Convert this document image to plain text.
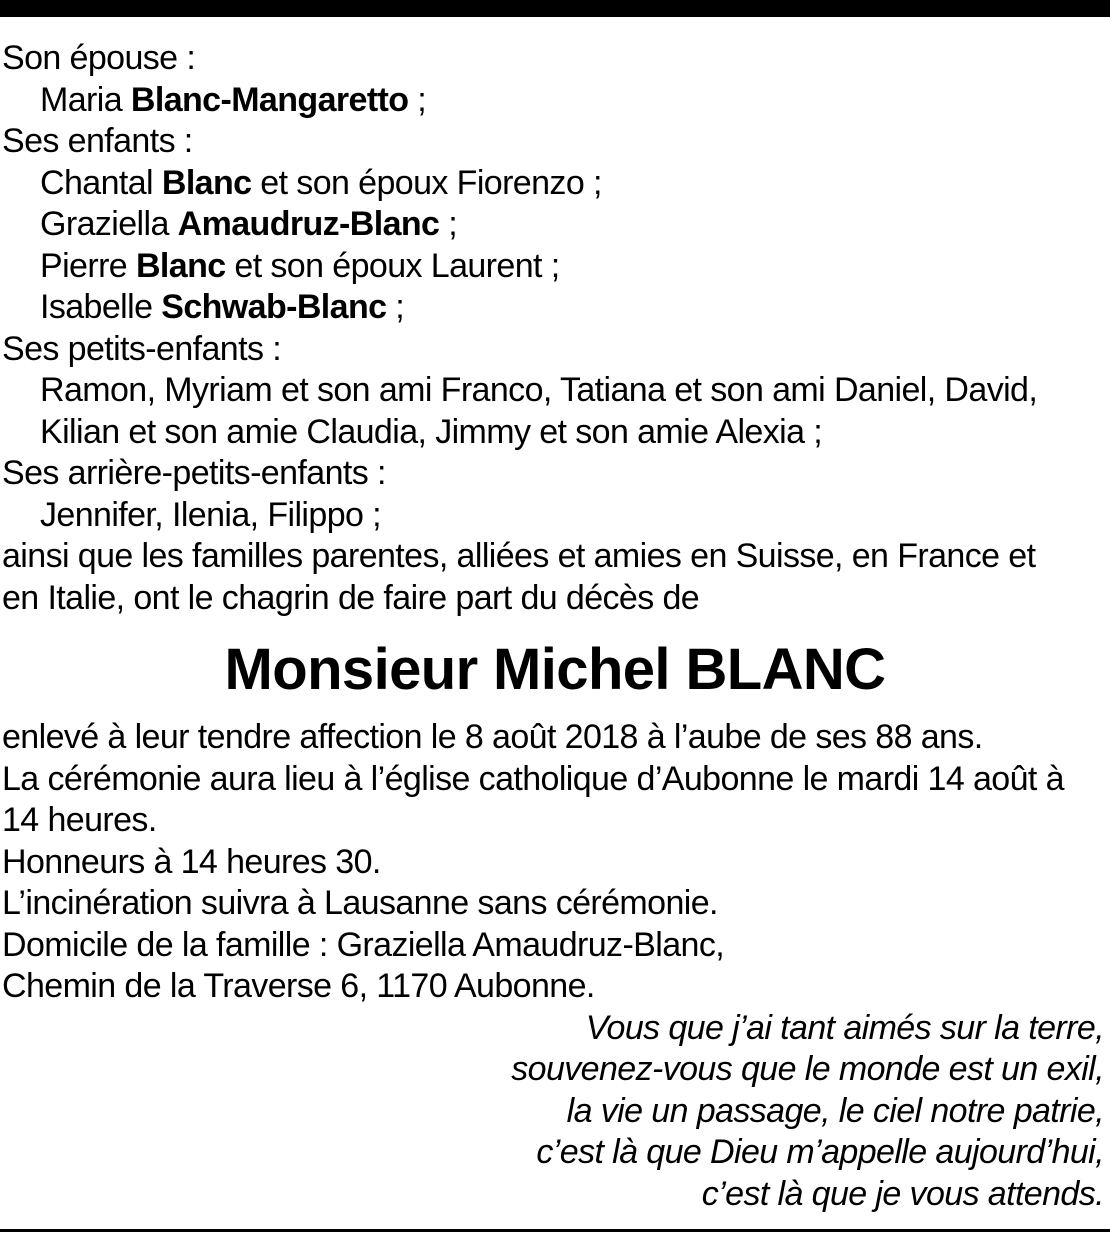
Son épouse :
Maria Blanc-Mangaretto ;
Ses enfants :
Chantal Blanc et son époux Fiorenzo ;
Graziella Amaudruz-Blanc ;
Pierre Blanc et son époux Laurent ;
Isabelle Schwab-Blanc ;
Ses petits-enfants :
Ramon, Myriam et son ami Franco, Tatiana et son ami Daniel, David,
Kilian et son amie Claudia, Jimmy et son amie Alexia ;
Ses arrière-petits-enfants :
Jennifer, Ilenia, Filippo ;
ainsi que les familles parentes, alliées et amies en Suisse, en France et
en Italie, ont le chagrin de faire part du décès de
Monsieur Michel BLANC
enlevé à leur tendre affection le 8 août 2018 à l’aube de ses 88 ans.
La cérémonie aura lieu à l’église catholique d’Aubonne le mardi 14 août à
14 heures.
Honneurs à 14 heures 30.
L’incinération suivra à Lausanne sans cérémonie.
Domicile de la famille : Graziella Amaudruz-Blanc,
Chemin de la Traverse 6, 1170 Aubonne.
Vous que j’ai tant aimés sur la terre,
souvenez-vous que le monde est un exil,
la vie un passage, le ciel notre patrie,
c’est là que Dieu m’appelle aujourd’hui,
c’est là que je vous attends.
